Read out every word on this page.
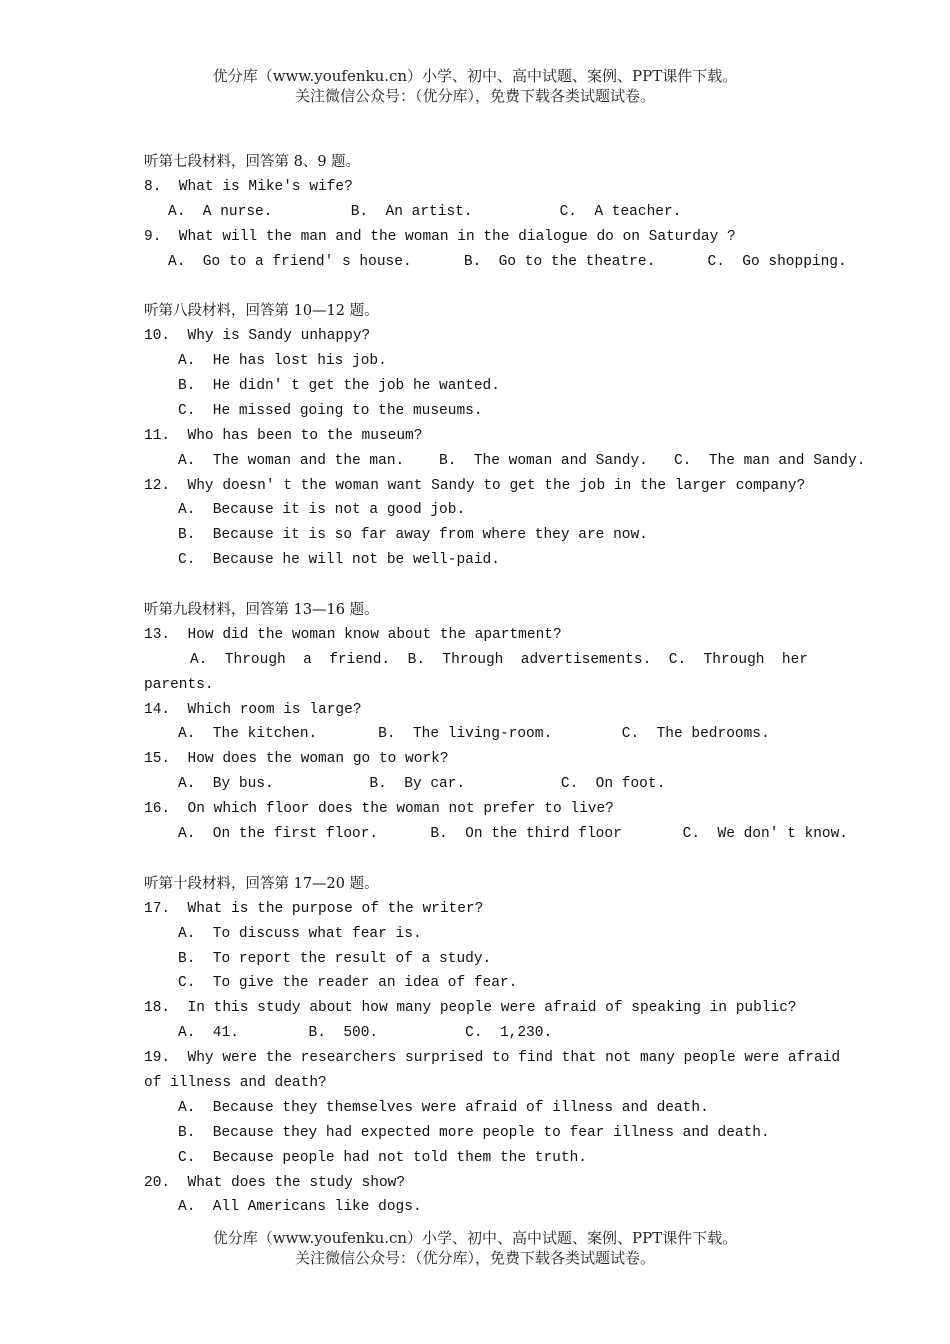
优分库（www.youfenku.cn）小学、初中、高中试题、案例、PPT课件下载。
关注微信公众号：（优分库），免费下载各类试题试卷。
听第七段材料，回答第 8、9 题。
8.  What is Mike's wife?
A.  A nurse.         B.  An artist.          C.  A teacher.
9.  What will the man and the woman in the dialogue do on Saturday ?
A.  Go to a friend' s house.      B.  Go to the theatre.      C.  Go shopping.
听第八段材料，回答第 10—12 题。
10.  Why is Sandy unhappy?
A.  He has lost his job.
B.  He didn' t get the job he wanted.
C.  He missed going to the museums.
11.  Who has been to the museum?
A.  The woman and the man.    B.  The woman and Sandy.   C.  The man and Sandy.
12.  Why doesn' t the woman want Sandy to get the job in the larger company?
A.  Because it is not a good job.
B.  Because it is so far away from where they are now.
C.  Because he will not be well-paid.
听第九段材料，回答第 13—16 题。
13.  How did the woman know about the apartment?
A.  Through  a  friend. B.  Through  advertisements. C.  Through  her
parents.
14.  Which room is large?
A.  The kitchen.       B.  The living-room.        C.  The bedrooms.
15.  How does the woman go to work?
A.  By bus.           B.  By car.           C.  On foot.
16.  On which floor does the woman not prefer to live?
A.  On the first floor.      B.  On the third floor       C.  We don' t know.
听第十段材料，回答第 17—20 题。
17.  What is the purpose of the writer?
A.  To discuss what fear is.
B.  To report the result of a study.
C.  To give the reader an idea of fear.
18.  In this study about how many people were afraid of speaking in public?
A.  41.        B.  500.          C.  1,230.
19.  Why were the researchers surprised to find that not many people were afraid
of illness and death?
A.  Because they themselves were afraid of illness and death.
B.  Because they had expected more people to fear illness and death.
C.  Because people had not told them the truth.
20.  What does the study show?
A.  All Americans like dogs.
优分库（www.youfenku.cn）小学、初中、高中试题、案例、PPT课件下载。
关注微信公众号：（优分库），免费下载各类试题试卷。
